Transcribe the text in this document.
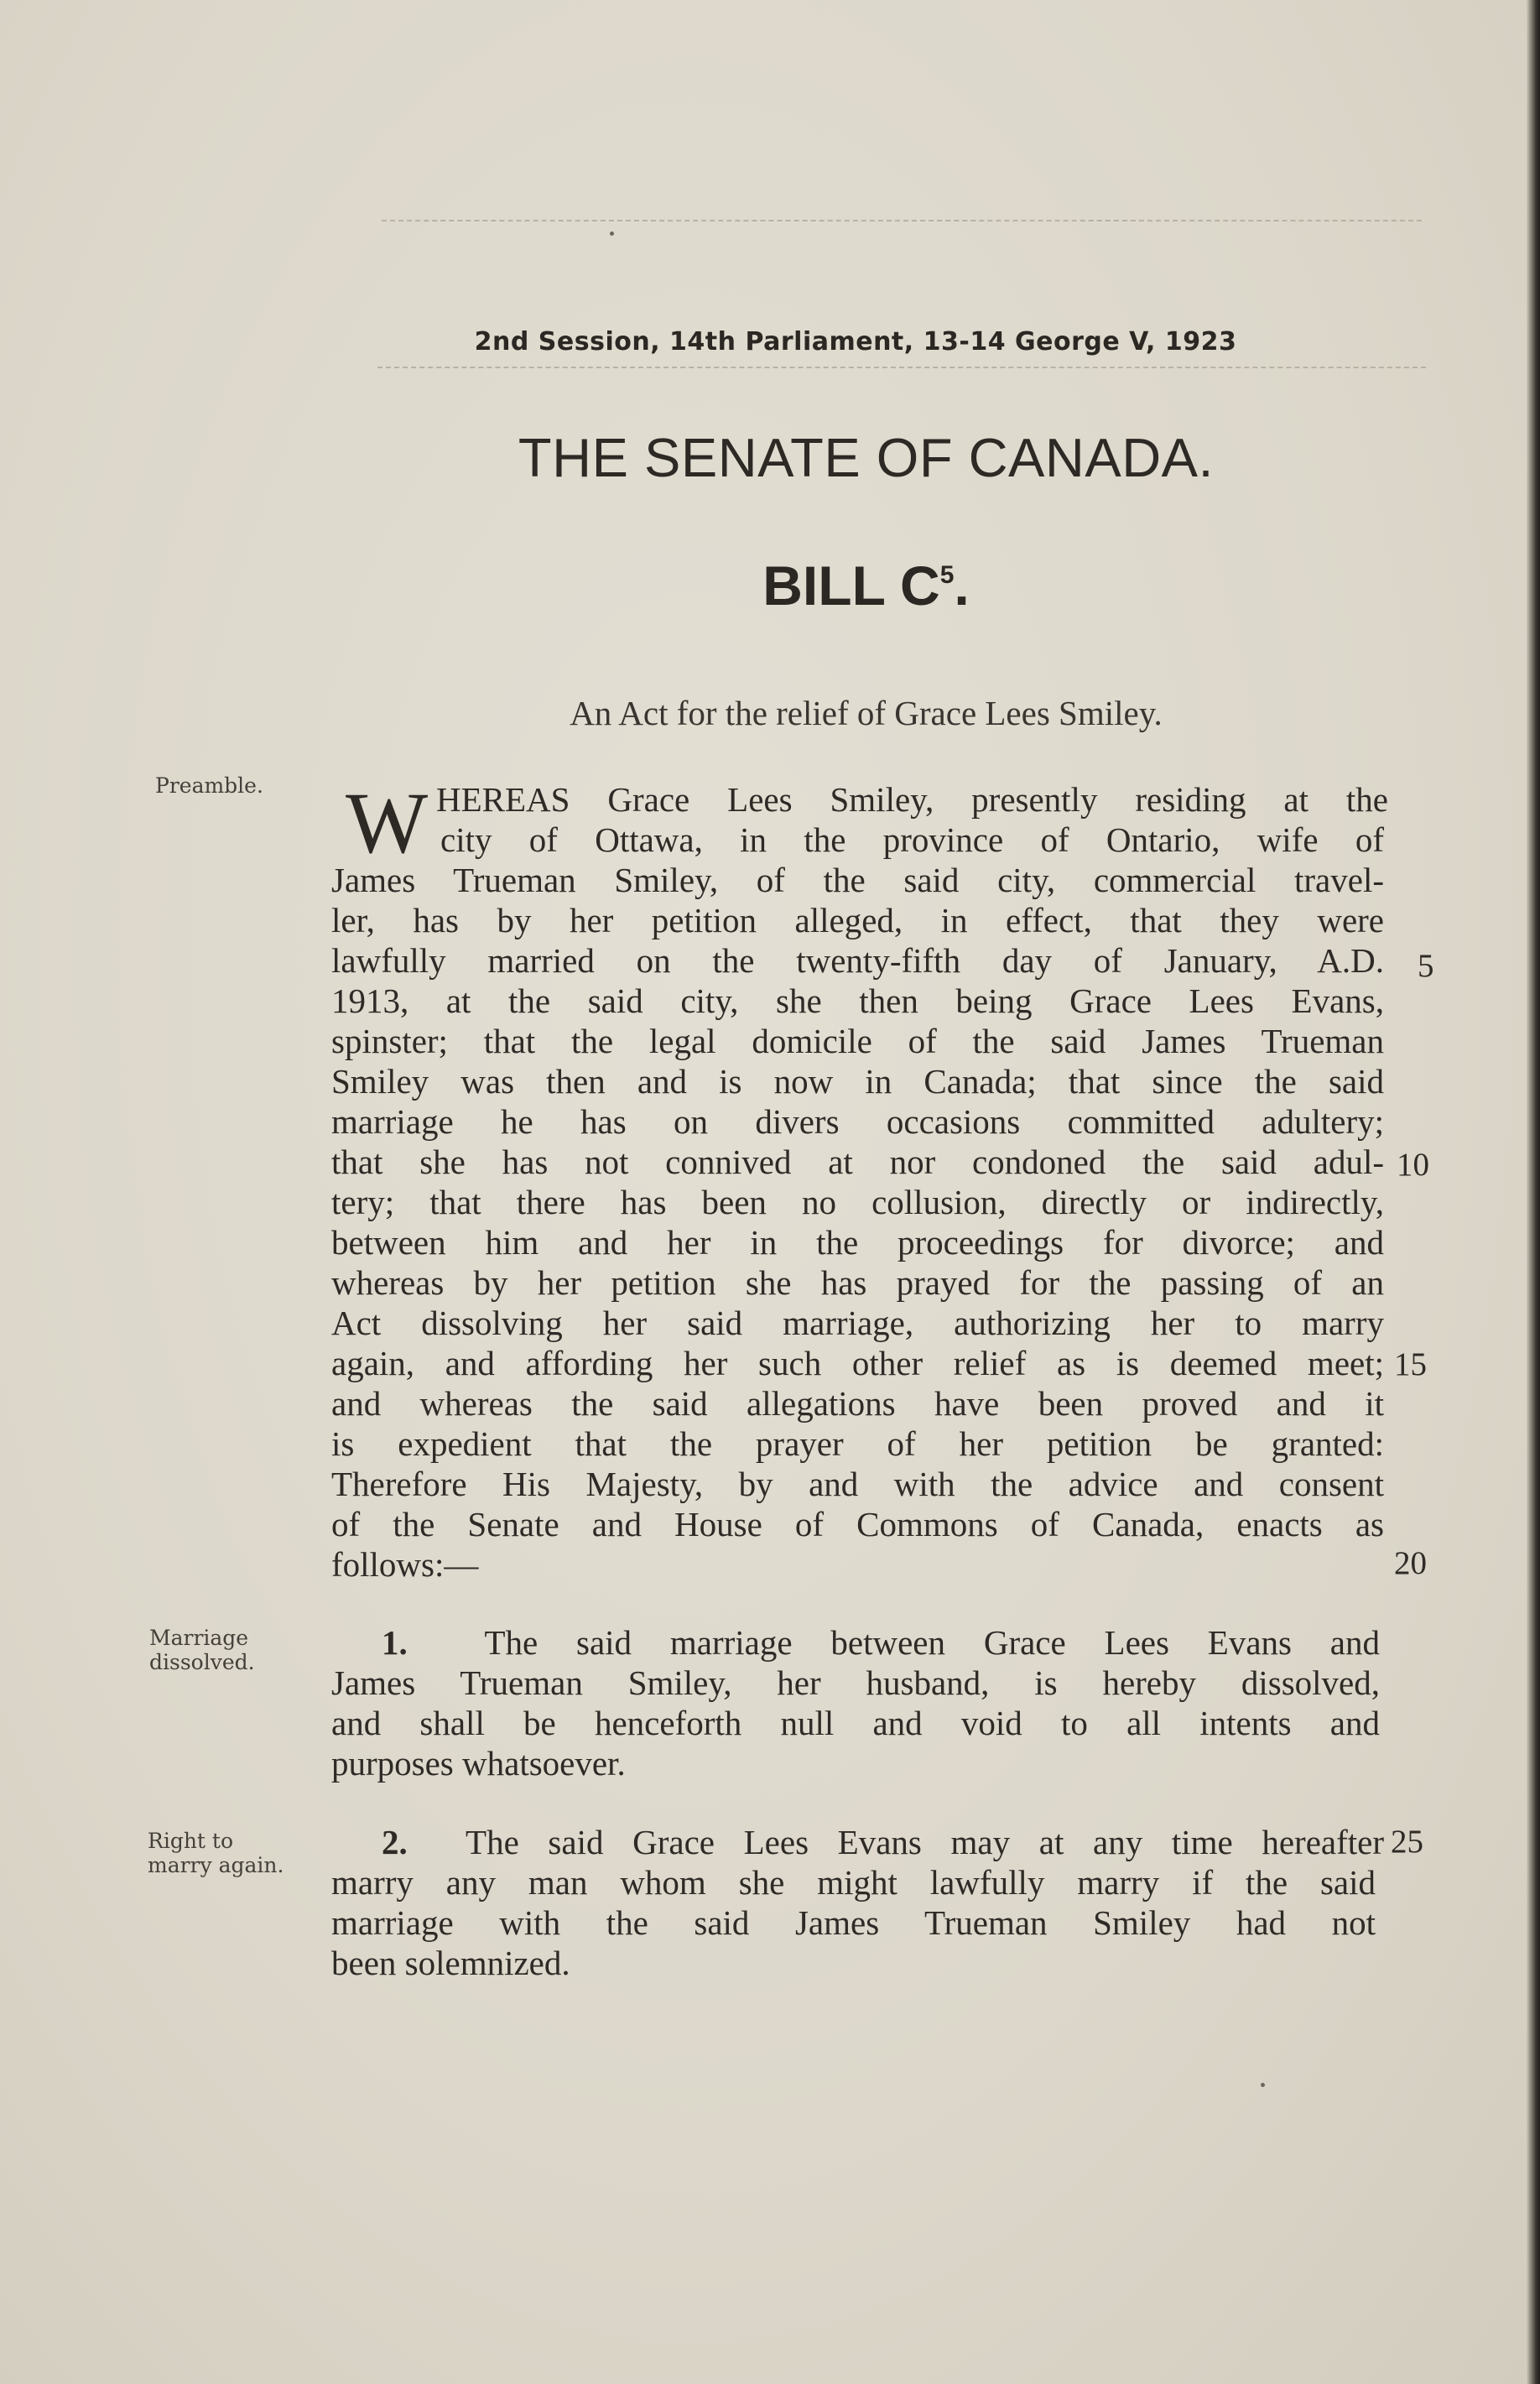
2nd Session, 14th Parliament, 13-14 George V, 1923
THE SENATE OF CANADA.
BILL $C^5$.
An Act for the relief of Grace Lees Smiley.
Preamble.
Marriage
dissolved.
Right to
marry again.
W HEREAS Grace Lees Smiley, presently residing at the
city of Ottawa, in the province of Ontario, wife of
James Trueman Smiley, of the said city, commercial travel-
ler, has by her petition alleged, in effect, that they were
lawfully married on the twenty-fifth day of January, A.D.
1913, at the said city, she then being Grace Lees Evans,
spinster; that the legal domicile of the said James Trueman
Smiley was then and is now in Canada; that since the said
marriage he has on divers occasions committed adultery;
that she has not connived at nor condoned the said adul-
tery; that there has been no collusion, directly or indirectly,
between him and her in the proceedings for divorce; and
whereas by her petition she has prayed for the passing of an
Act dissolving her said marriage, authorizing her to marry
again, and affording her such other relief as is deemed meet;
and whereas the said allegations have been proved and it
is expedient that the prayer of her petition be granted:
Therefore His Majesty, by and with the advice and consent
of the Senate and House of Commons of Canada, enacts as
follows:—
1. The said marriage between Grace Lees Evans and
James Trueman Smiley, her husband, is hereby dissolved,
and shall be henceforth null and void to all intents and
purposes whatsoever.
2. The said Grace Lees Evans may at any time hereafter
marry any man whom she might lawfully marry if the said
marriage with the said James Trueman Smiley had not
been solemnized.
5
10
15
20
25
